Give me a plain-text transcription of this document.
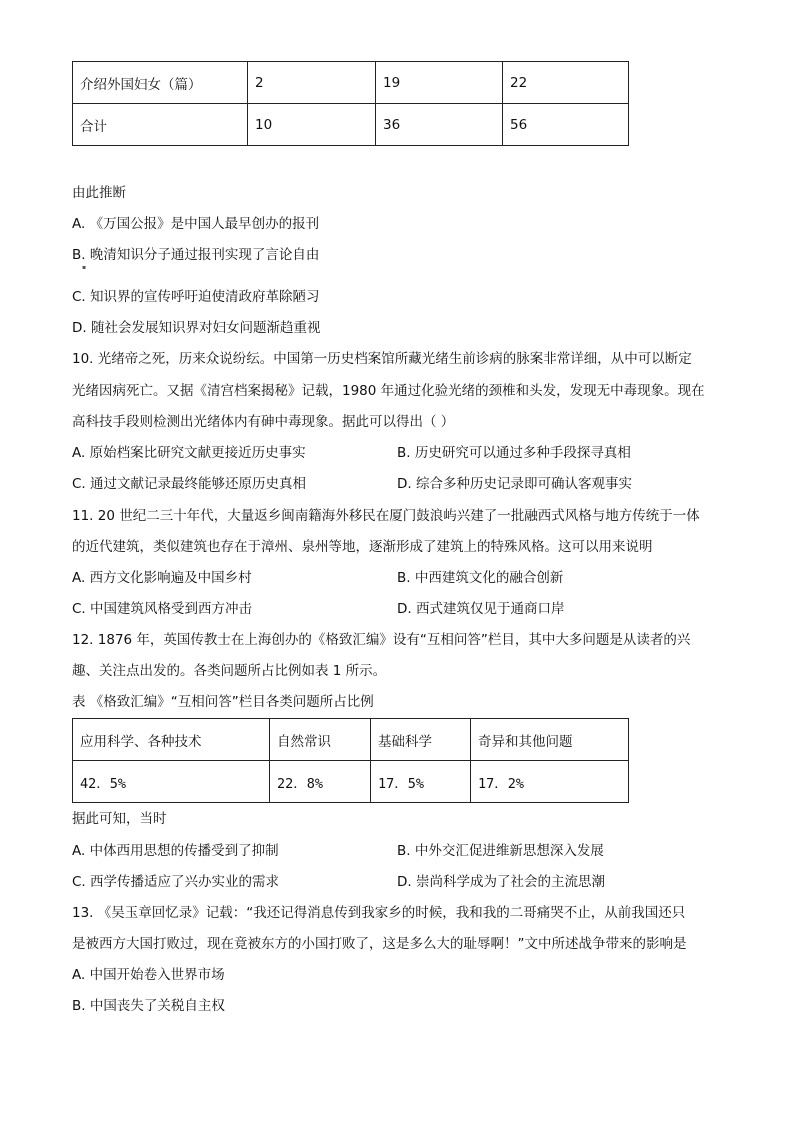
介绍外国妇女（篇）	2	19	22
合计	10	36	56
由此推断
A. 《万国公报》是中国人最早创办的报刊
B. 晚清知识分子通过报刊实现了言论自由
▪
C. 知识界的宣传呼吁迫使清政府革除陋习
D. 随社会发展知识界对妇女问题渐趋重视
10. 光绪帝之死，历来众说纷纭。中国第一历史档案馆所藏光绪生前诊病的脉案非常详细，从中可以断定
光绪因病死亡。又据《清宫档案揭秘》记载，1980 年通过化验光绪的颈椎和头发，发现无中毒现象。现在
高科技手段则检测出光绪体内有砷中毒现象。据此可以得出（ ）
A. 原始档案比研究文献更接近历史事实	B. 历史研究可以通过多种手段探寻真相
C. 通过文献记录最终能够还原历史真相	D. 综合多种历史记录即可确认客观事实
11. 20 世纪二三十年代，大量返乡闽南籍海外移民在厦门鼓浪屿兴建了一批融西式风格与地方传统于一体
的近代建筑，类似建筑也存在于漳州、泉州等地，逐渐形成了建筑上的特殊风格。这可以用来说明
A. 西方文化影响遍及中国乡村	B. 中西建筑文化的融合创新
C. 中国建筑风格受到西方冲击	D. 西式建筑仅见于通商口岸
12. 1876 年，英国传教士在上海创办的《格致汇编》设有“互相问答”栏目，其中大多问题是从读者的兴
趣、关注点出发的。各类问题所占比例如表 1 所示。
表 《格致汇编》“互相问答”栏目各类问题所占比例
应用科学、各种技术	自然常识	基础科学	奇异和其他问题
42．5%	22．8%	17．5%	17．2%
据此可知，当时
A. 中体西用思想的传播受到了抑制	B. 中外交汇促进维新思想深入发展
C. 西学传播适应了兴办实业的需求	D. 崇尚科学成为了社会的主流思潮
13. 《吴玉章回忆录》记载：“我还记得消息传到我家乡的时候，我和我的二哥痛哭不止，从前我国还只
是被西方大国打败过，现在竟被东方的小国打败了，这是多么大的耻辱啊！”文中所述战争带来的影响是
A. 中国开始卷入世界市场
B. 中国丧失了关税自主权
